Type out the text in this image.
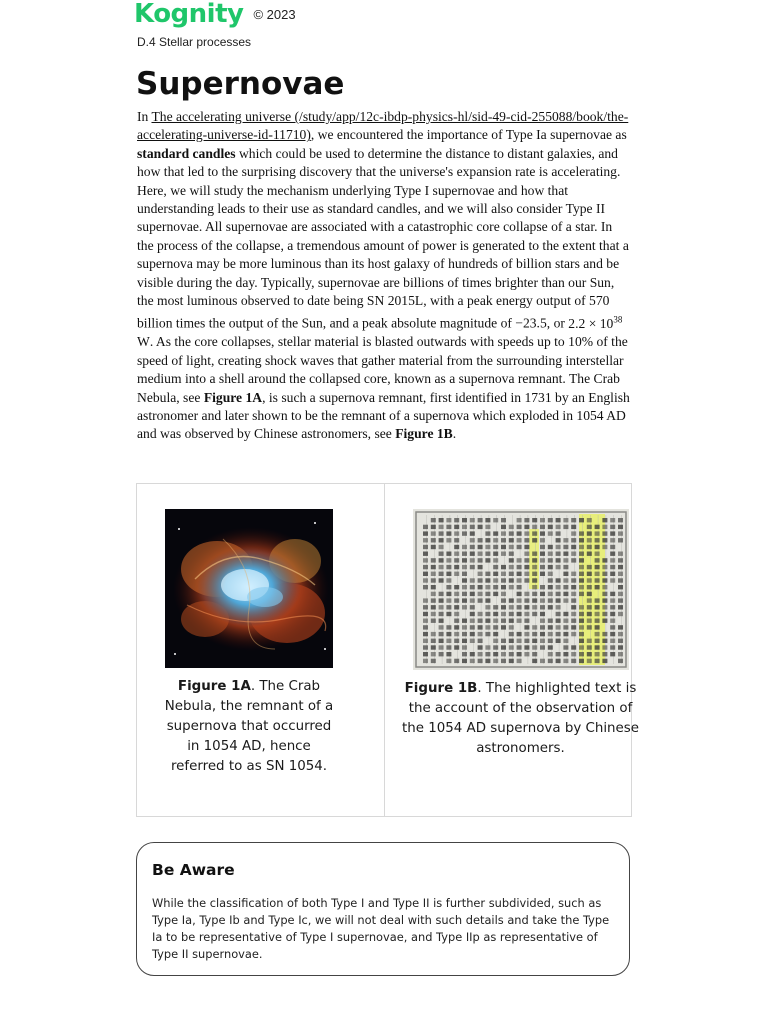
Kognity © 2023
D.4 Stellar processes
Supernovae

In The accelerating universe (/study/app/12c-ibdp-physics-hl/sid-49-cid-255088/book/the-accelerating-universe-id-11710), we encountered the importance of Type Ia supernovae as standard candles which could be used to determine the distance to distant galaxies, and how that led to the surprising discovery that the universe's expansion rate is accelerating. Here, we will study the mechanism underlying Type I supernovae and how that understanding leads to their use as standard candles, and we will also consider Type II supernovae. All supernovae are associated with a catastrophic core collapse of a star. In the process of the collapse, a tremendous amount of power is generated to the extent that a supernova may be more luminous than its host galaxy of hundreds of billion stars and be visible during the day. Typically, supernovae are billions of times brighter than our Sun, the most luminous observed to date being SN 2015L, with a peak energy output of 570 billion times the output of the Sun, and a peak absolute magnitude of −23.5, or $2.2 \times 10^{38}$ W. As the core collapses, stellar material is blasted outwards with speeds up to 10% of the speed of light, creating shock waves that gather material from the surrounding interstellar medium into a shell around the collapsed core, known as a supernova remnant. The Crab Nebula, see Figure 1A, is such a supernova remnant, first identified in 1731 by an English astronomer and later shown to be the remnant of a supernova which exploded in 1054 AD and was observed by Chinese astronomers, see Figure 1B.

Figure 1A. The Crab Nebula, the remnant of a supernova that occurred in 1054 AD, hence referred to as SN 1054.
Figure 1B. The highlighted text is the account of the observation of the 1054 AD supernova by Chinese astronomers.
Be Aware

While the classification of both Type I and Type II is further subdivided, such as Type Ia, Type Ib and Type Ic, we will not deal with such details and take the Type Ia to be representative of Type I supernovae, and Type IIp as representative of Type II supernovae.
